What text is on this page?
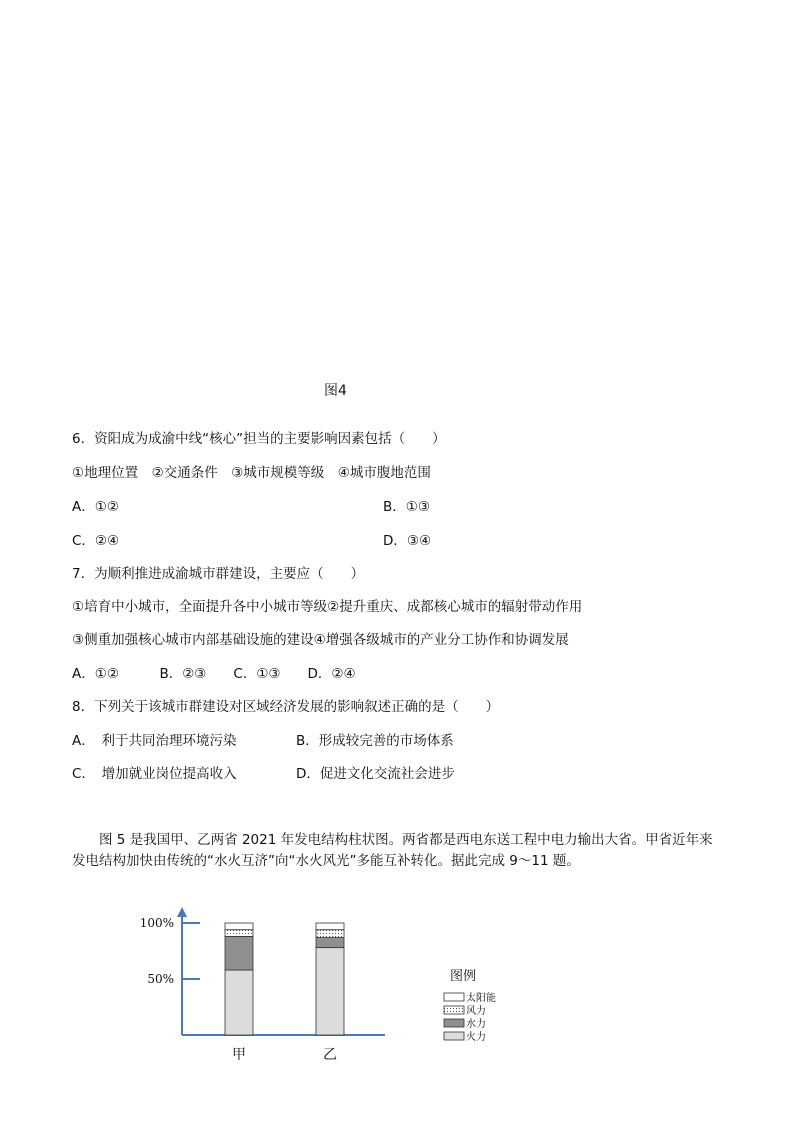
图4
6．资阳成为成渝中线“核心”担当的主要影响因素包括（　　）
①地理位置　②交通条件　③城市规模等级　④城市腹地范围
A．①②	B．①③
C．②④	D．③④
7．为顺利推进成渝城市群建设，主要应（　　）
①培育中小城市，全面提升各中小城市等级②提升重庆、成都核心城市的辐射带动作用
③侧重加强核心城市内部基础设施的建设④增强各级城市的产业分工协作和协调发展
A．①②　　　B．②③　　C．①③　　D．②④
8．下列关于该城市群建设对区域经济发展的影响叙述正确的是（　　）
A．　利于共同治理环境污染	B．形成较完善的市场体系
C．　增加就业岗位提高收入	D．促进文化交流社会进步
　　图 5 是我国甲、乙两省 2021 年发电结构柱状图。两省都是西电东送工程中电力输出大省。甲省近年来
发电结构加快由传统的“水火互济”向“水火风光”多能互补转化。据此完成 9～11 题。
100%
50%
甲	乙
图例
太阳能
风力
水力
火力
